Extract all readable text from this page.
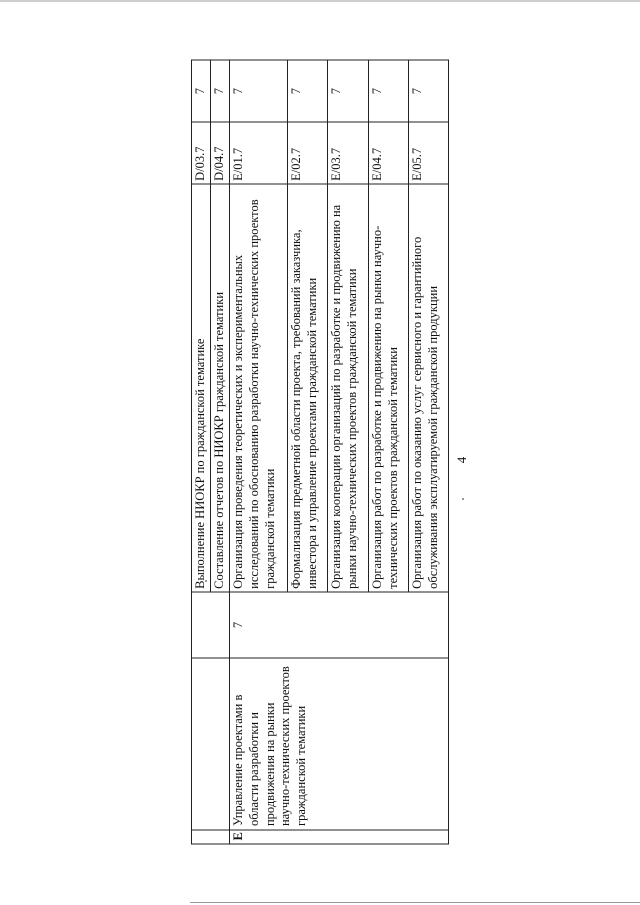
4
			Выполнение НИОКР по гражданской тематике	D/03.7	7
			Составление отчетов по НИОКР гражданской тематики	D/04.7	7
E	Управление проектами в области разработки и продвижения на рынки научно-технических проектов гражданской тематики	7	Организация проведения теоретических и экспериментальных исследований по обоснованию разработки научно-технических проектов гражданской тематики	E/01.7	7
			Формализация предметной области проекта, требований заказчика, инвестора и управление проектами гражданской тематики	E/02.7	7
			Организация кооперации организаций по разработке и продвижению на рынки научно-технических проектов гражданской тематики	E/03.7	7
			Организация работ по разработке и продвижению на рынки научно-технических проектов гражданской тематики	E/04.7	7
			Организация работ по оказанию услуг сервисного и гарантийного обслуживания эксплуатируемой гражданской продукции	E/05.7	7
